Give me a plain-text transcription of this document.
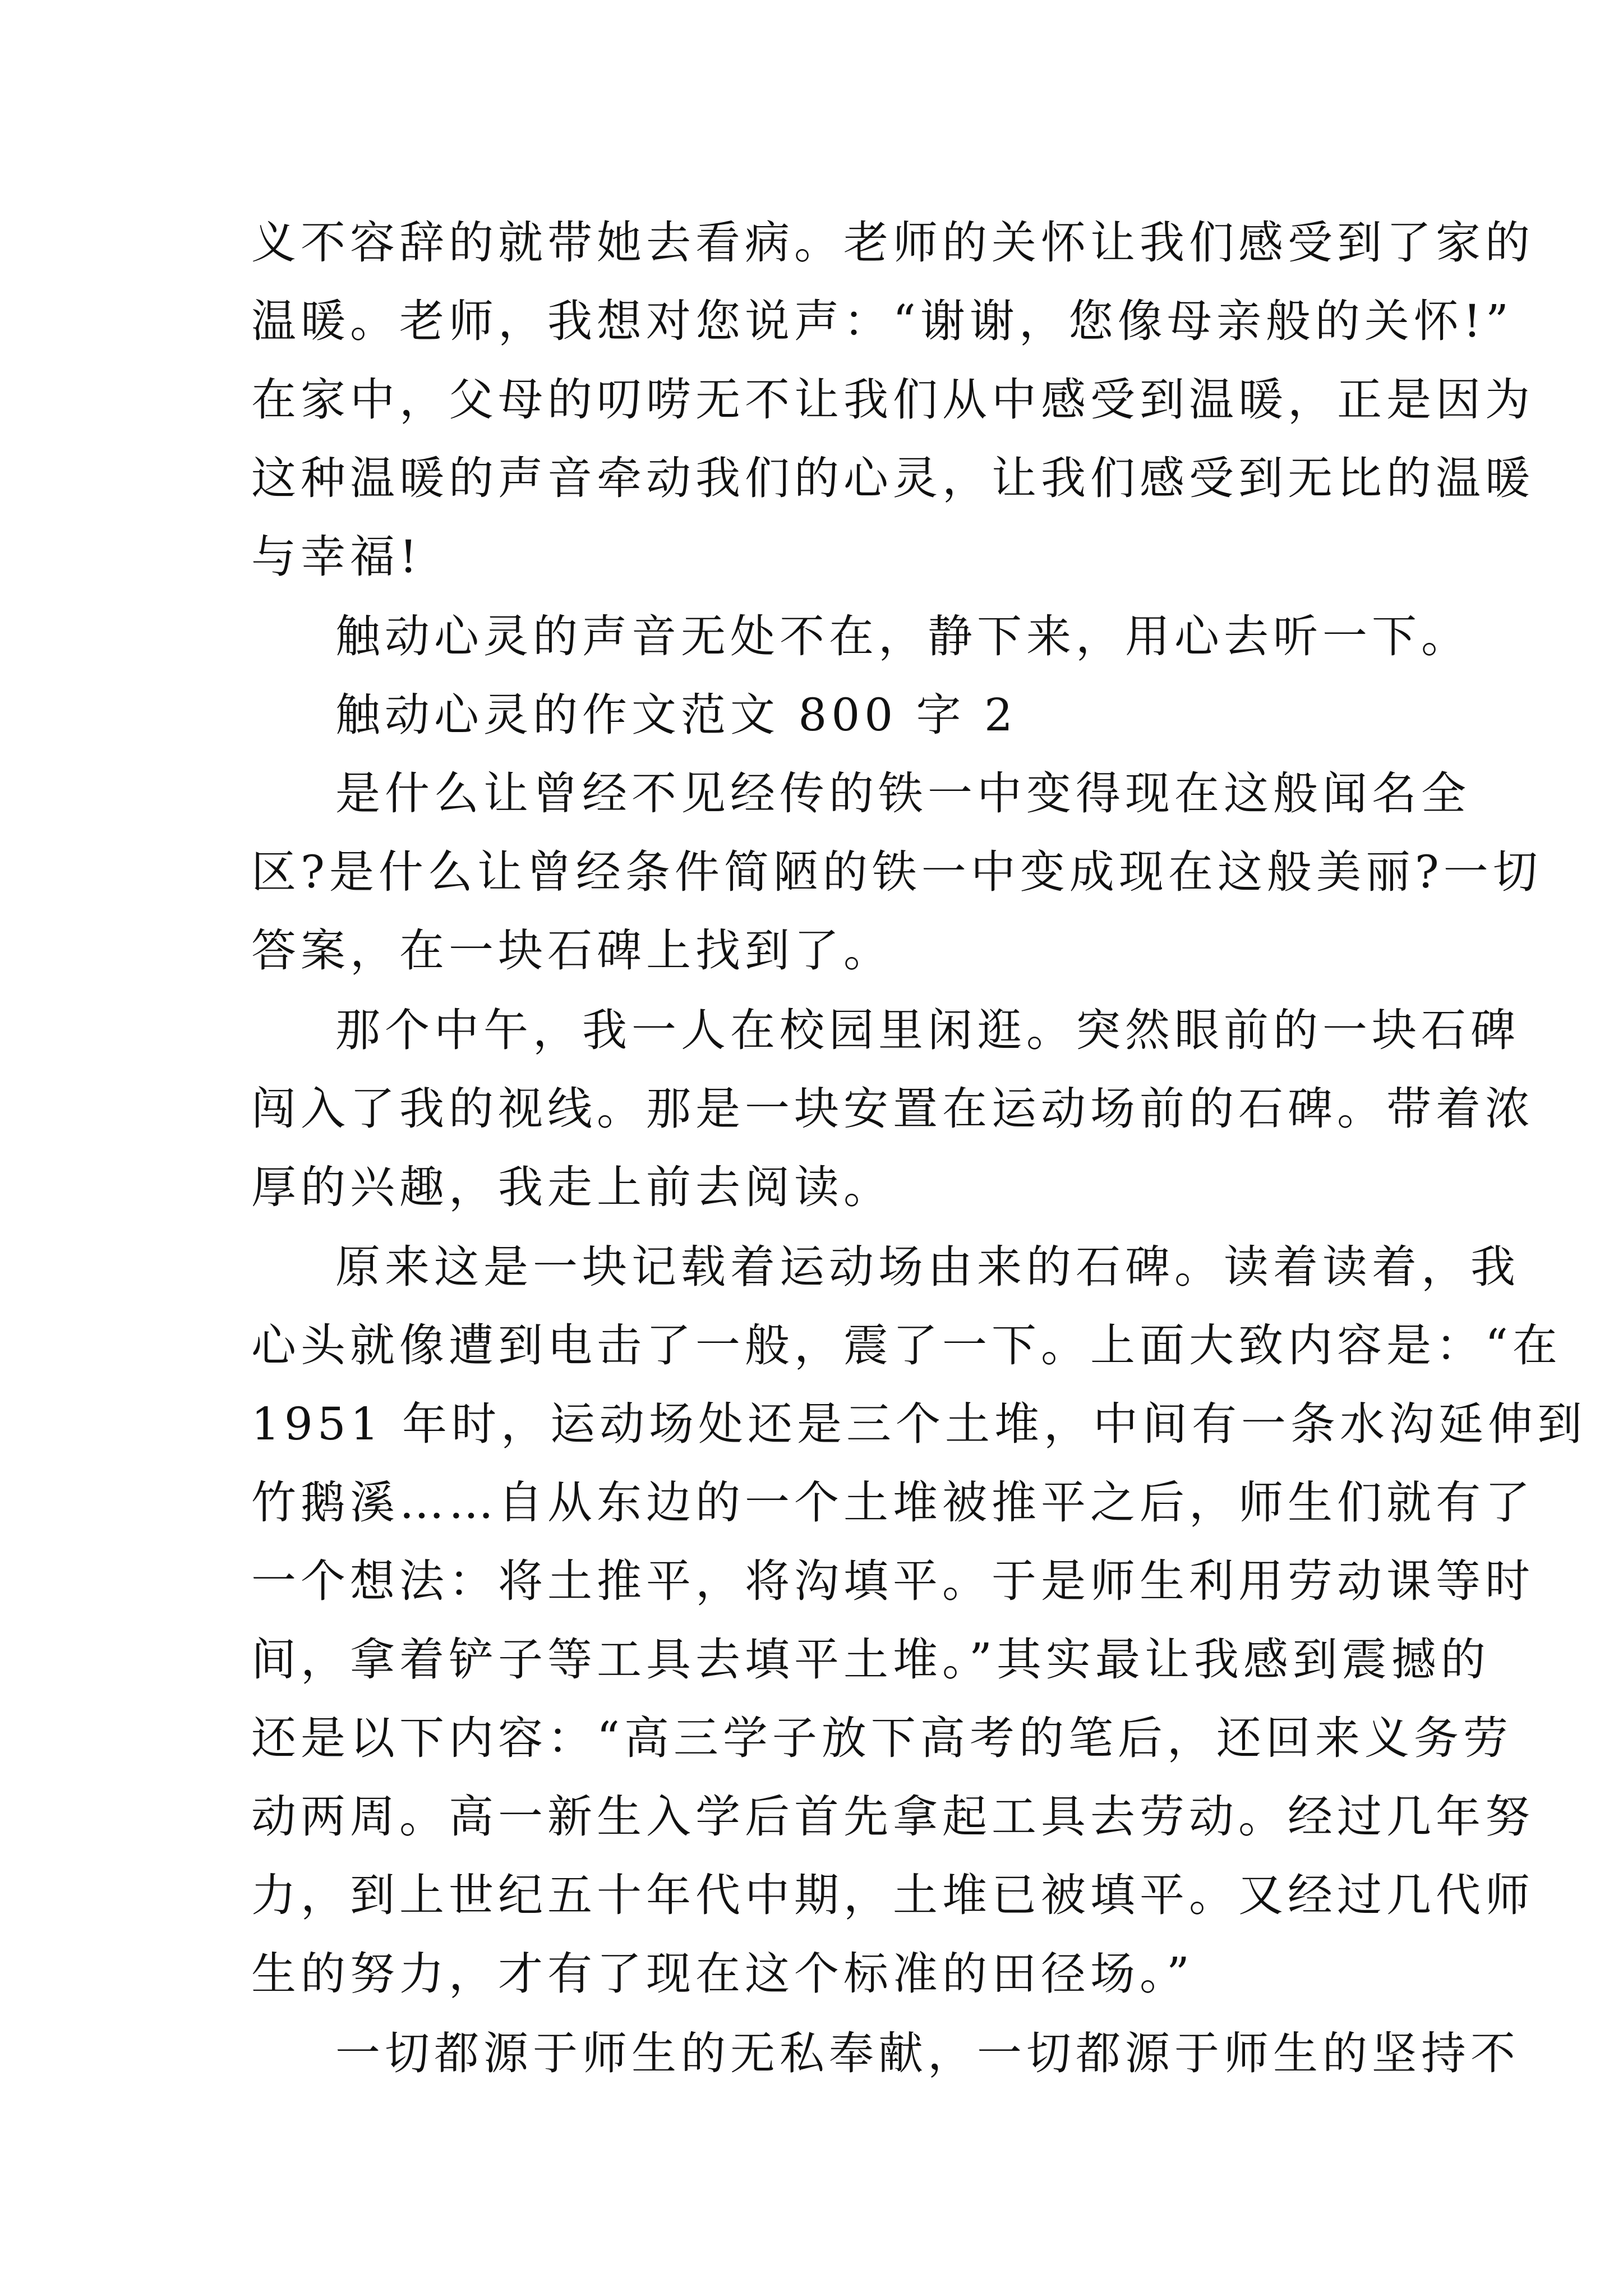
义不容辞的就带她去看病。老师的关怀让我们感受到了家的

温暖。老师，我想对您说声：“谢谢，您像母亲般的关怀!”

在家中，父母的叨唠无不让我们从中感受到温暖，正是因为

这种温暖的声音牵动我们的心灵，让我们感受到无比的温暖

与幸福!

触动心灵的声音无处不在，静下来，用心去听一下。

触动心灵的作文范文 800 字 2

是什么让曾经不见经传的铁一中变得现在这般闻名全

区?是什么让曾经条件简陋的铁一中变成现在这般美丽?一切

答案，在一块石碑上找到了。

那个中午，我一人在校园里闲逛。突然眼前的一块石碑

闯入了我的视线。那是一块安置在运动场前的石碑。带着浓

厚的兴趣，我走上前去阅读。

原来这是一块记载着运动场由来的石碑。读着读着，我

心头就像遭到电击了一般，震了一下。上面大致内容是：“在

1951 年时，运动场处还是三个土堆，中间有一条水沟延伸到

竹鹅溪……自从东边的一个土堆被推平之后，师生们就有了

一个想法：将土推平，将沟填平。于是师生利用劳动课等时

间，拿着铲子等工具去填平土堆。”其实最让我感到震撼的

还是以下内容：“高三学子放下高考的笔后，还回来义务劳

动两周。高一新生入学后首先拿起工具去劳动。经过几年努

力，到上世纪五十年代中期，土堆已被填平。又经过几代师

生的努力，才有了现在这个标准的田径场。”

一切都源于师生的无私奉献，一切都源于师生的坚持不
